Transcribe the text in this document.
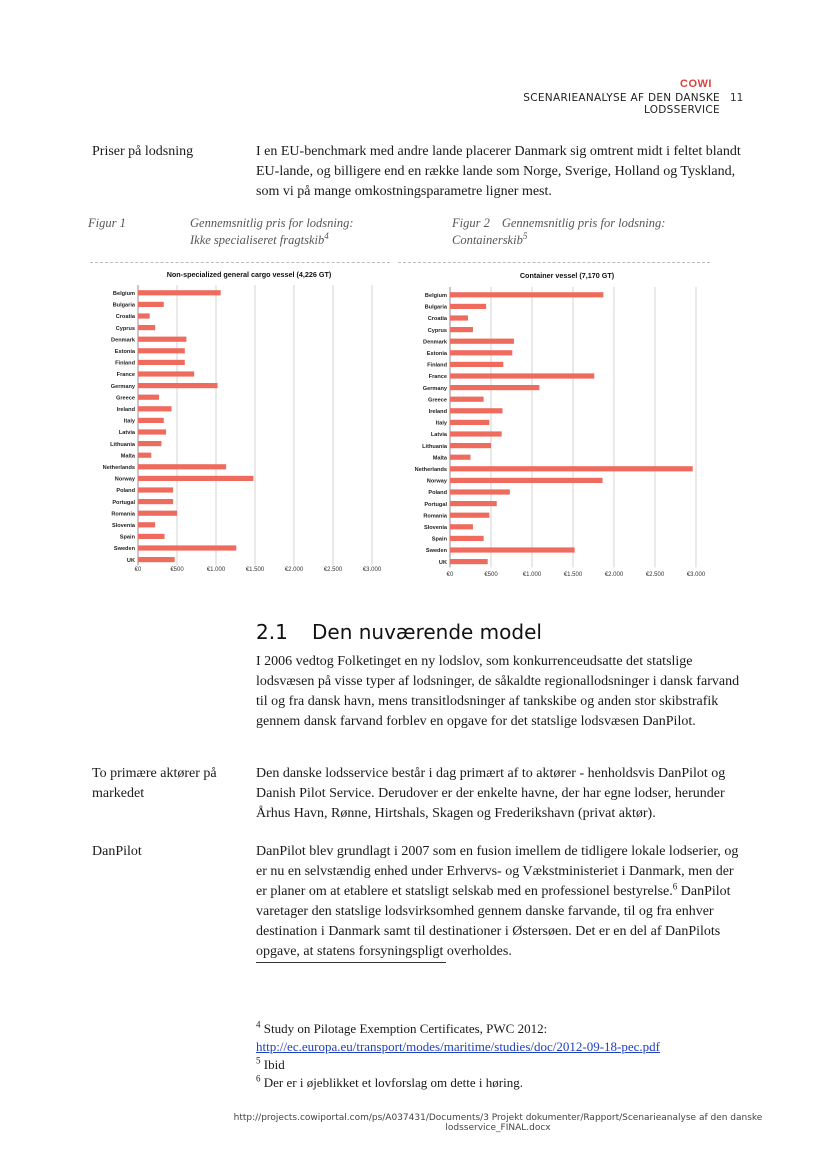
COWI
SCENARIEANALYSE AF DEN DANSKE LODSSERVICE
11
Priser på lodsning	I en EU-benchmark med andre lande placerer Danmark sig omtrent midt i feltet blandt EU-lande, og billigere end en række lande som Norge, Sverige, Holland og Tyskland, som vi på mange omkostningsparametre ligner mest.

Figur 1	Gennemsnitlig pris for lodsning:
Ikke specialiseret fragtskib$^4$
Figur 2 Gennemsnitlig pris for lodsning:
Containerskib$^5$
Non-specialized general cargo vessel (4,226 GT)
€0	€500	€1.000	€1.500	€2.000	€2.500	€3.000
Belgium
Bulgaria
Croatia
Cyprus
Denmark
Estonia
Finland
France
Germany
Greece
Ireland
Italy
Latvia
Lithuania
Malta
Netherlands
Norway
Poland
Portugal
Romania
Slovenia
Spain
Sweden
UK
Container vessel (7,170 GT)
€0	€500	€1.000	€1.500	€2.000	€2.500	€3.000
Belgium
Bulgaria
Croatia
Cyprus
Denmark
Estonia
Finland
France
Germany
Greece
Ireland
Italy
Latvia
Lithuania
Malta
Netherlands
Norway
Poland
Portugal
Romania
Slovenia
Spain
Sweden
UK
2.1 Den nuværende model

I 2006 vedtog Folketinget en ny lodslov, som konkurrenceudsatte det statslige lodsvæsen på visse typer af lodsninger, de såkaldte regionallodsninger i dansk farvand til og fra dansk havn, mens transitlodsninger af tankskibe og anden stor skibstrafik gennem dansk farvand forblev en opgave for det statslige lodsvæsen DanPilot.

To primære aktører på markedet

Den danske lodsservice består i dag primært af to aktører - henholdsvis DanPilot og Danish Pilot Service. Derudover er der enkelte havne, der har egne lodser, herunder Århus Havn, Rønne, Hirtshals, Skagen og Frederikshavn (privat aktør).

DanPilot	DanPilot blev grundlagt i 2007 som en fusion imellem de tidligere lokale lodserier, og er nu en selvstændig enhed under Erhvervs- og Vækstministeriet i Danmark, men der er planer om at etablere et statsligt selskab med en professionel bestyrelse.$^6$ DanPilot varetager den statslige lodsvirksomhed gennem danske farvande, til og fra enhver destination i Danmark samt til destinationer i Østersøen. Det er en del af DanPilots opgave, at statens forsyningspligt overholdes.

$^4$ Study on Pilotage Exemption Certificates, PWC 2012:
http://ec.europa.eu/transport/modes/maritime/studies/doc/2012-09-18-pec.pdf
$^5$ Ibid
$^6$ Der er i øjeblikket et lovforslag om dette i høring.
http://projects.cowiportal.com/ps/A037431/Documents/3 Projekt dokumenter/Rapport/Scenarieanalyse af den danske lodsservice_FINAL.docx
